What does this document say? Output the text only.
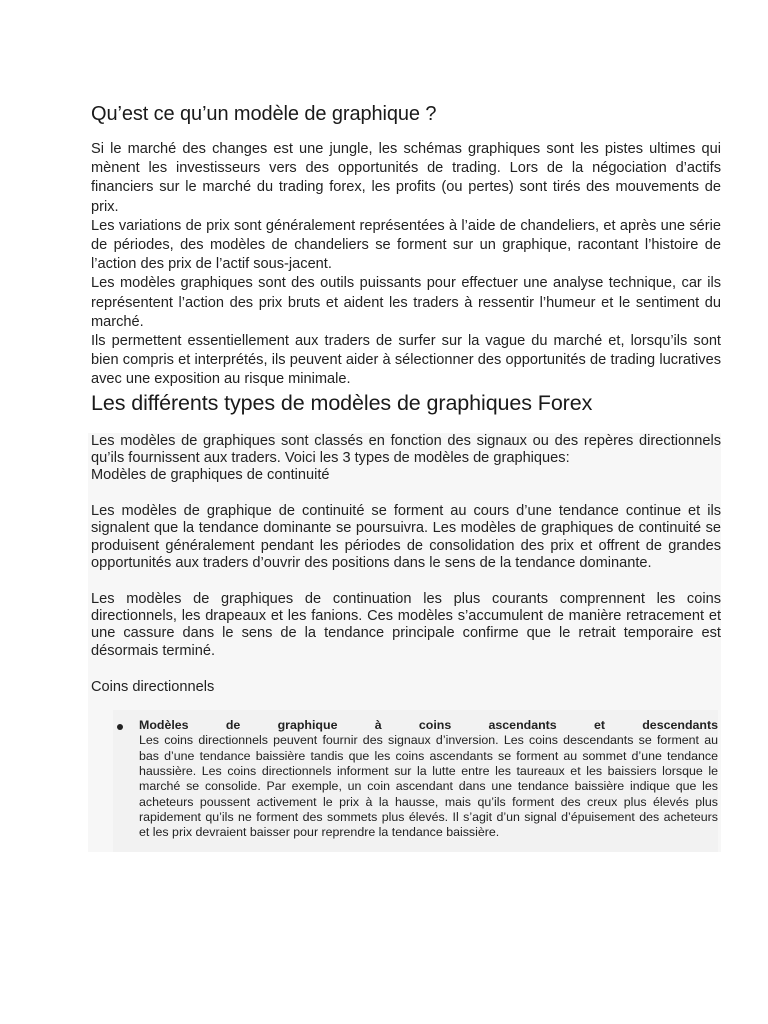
Qu’est ce qu’un modèle de graphique ?

Si le marché des changes est une jungle, les schémas graphiques sont les pistes ultimes qui mènent les investisseurs vers des opportunités de trading. Lors de la négociation d’actifs financiers sur le marché du trading forex, les profits (ou pertes) sont tirés des mouvements de prix.

Les variations de prix sont généralement représentées à l’aide de chandeliers, et après une série de périodes, des modèles de chandeliers se forment sur un graphique, racontant l’histoire de l’action des prix de l’actif sous-jacent.

Les modèles graphiques sont des outils puissants pour effectuer une analyse technique, car ils représentent l’action des prix bruts et aident les traders à ressentir l’humeur et le sentiment du marché.

Ils permettent essentiellement aux traders de surfer sur la vague du marché et, lorsqu’ils sont bien compris et interprétés, ils peuvent aider à sélectionner des opportunités de trading lucratives avec une exposition au risque minimale.

Les différents types de modèles de graphiques Forex

Les modèles de graphiques sont classés en fonction des signaux ou des repères directionnels qu’ils fournissent aux traders. Voici les 3 types de modèles de graphiques:

Modèles de graphiques de continuité

Les modèles de graphique de continuité se forment au cours d’une tendance continue et ils signalent que la tendance dominante se poursuivra. Les modèles de graphiques de continuité se produisent généralement pendant les périodes de consolidation des prix et offrent de grandes opportunités aux traders d’ouvrir des positions dans le sens de la tendance dominante.

Les modèles de graphiques de continuation les plus courants comprennent les coins directionnels, les drapeaux et les fanions. Ces modèles s’accumulent de manière retracement et une cassure dans le sens de la tendance principale confirme que le retrait temporaire est désormais terminé.

Coins directionnels

Modèles de graphique à coins ascendants et descendants
Les coins directionnels peuvent fournir des signaux d’inversion. Les coins descendants se forment au bas d’une tendance baissière tandis que les coins ascendants se forment au sommet d’une tendance haussière. Les coins directionnels informent sur la lutte entre les taureaux et les baissiers lorsque le marché se consolide. Par exemple, un coin ascendant dans une tendance baissière indique que les acheteurs poussent activement le prix à la hausse, mais qu’ils forment des creux plus élevés plus rapidement qu’ils ne forment des sommets plus élevés. Il s’agit d’un signal d’épuisement des acheteurs et les prix devraient baisser pour reprendre la tendance baissière.
